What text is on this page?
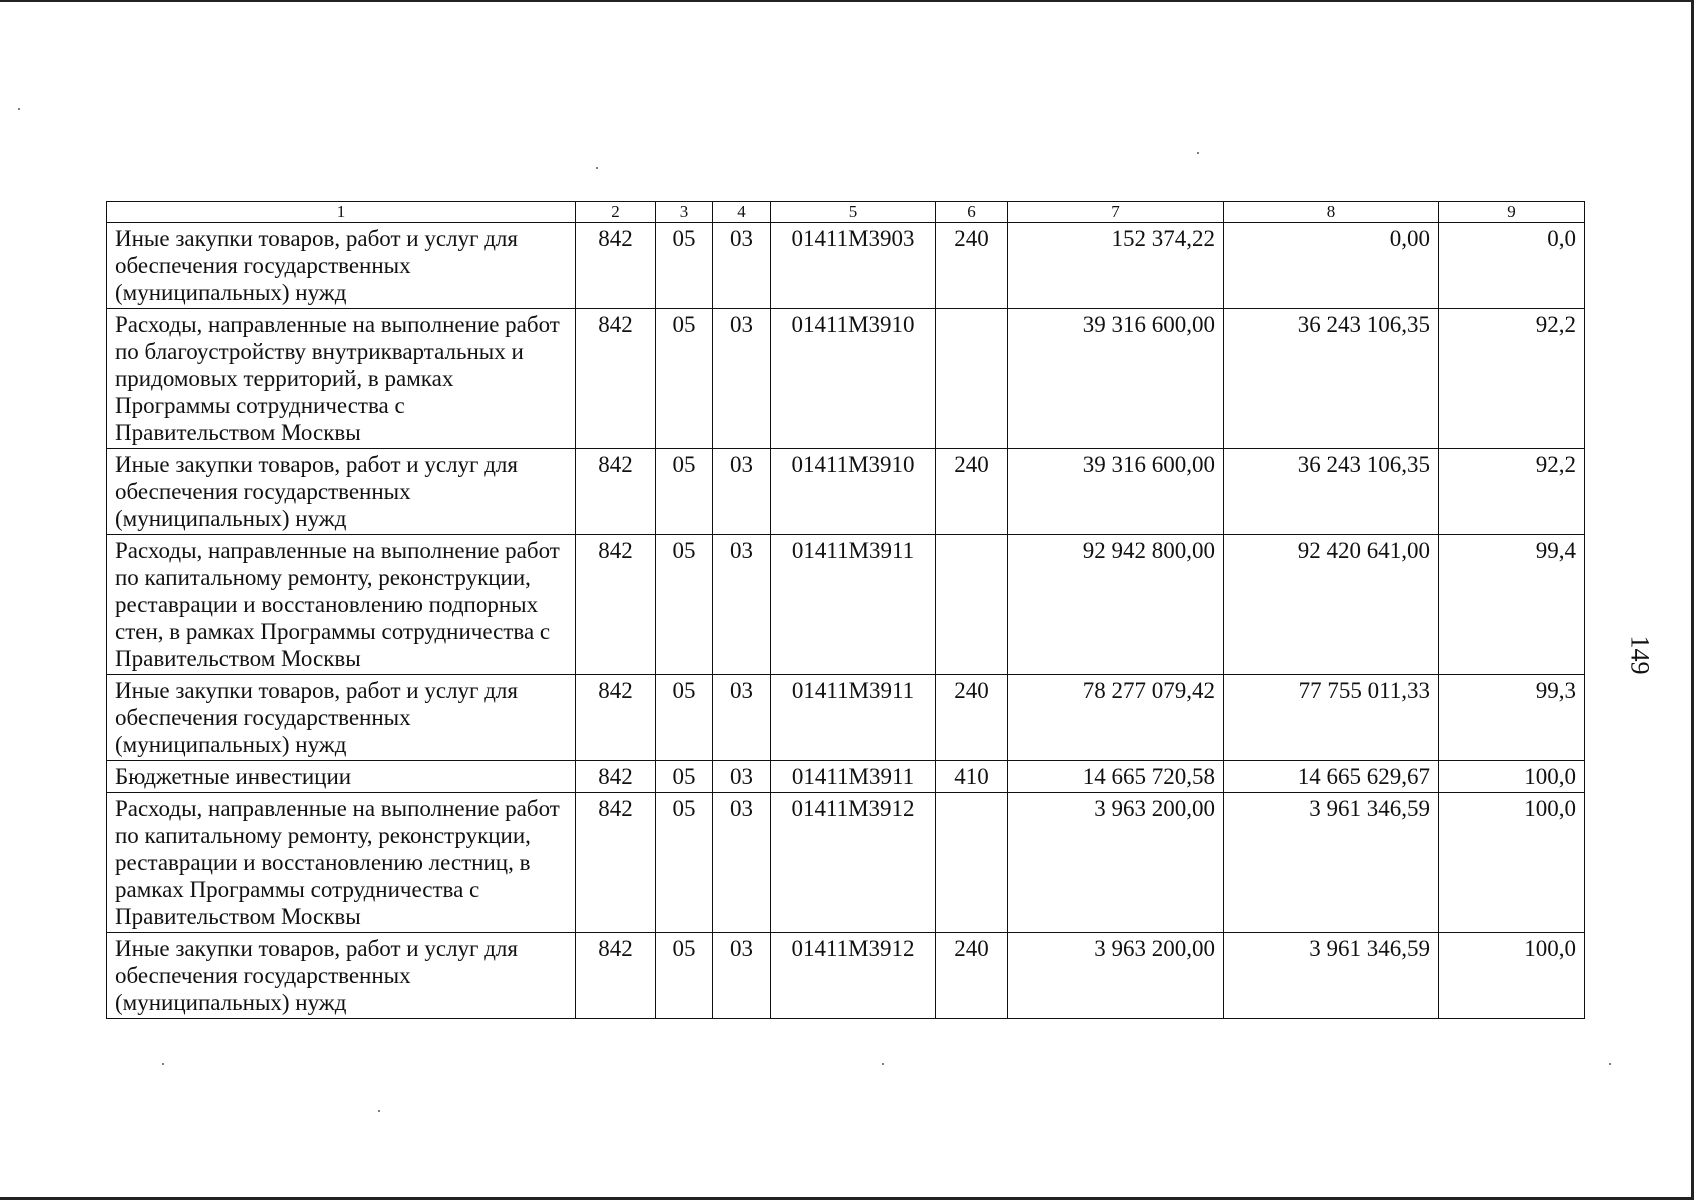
1	2	3	4	5	6	7	8	9
Иные закупки товаров, работ и услуг для обеспечения государственных (муниципальных) нужд	842	05	03	01411М3903	240	152 374,22	0,00	0,0
Расходы, направленные на выполнение работ по благоустройству внутриквартальных и придомовых территорий, в рамках Программы сотрудничества с Правительством Москвы	842	05	03	01411М3910		39 316 600,00	36 243 106,35	92,2
Иные закупки товаров, работ и услуг для обеспечения государственных (муниципальных) нужд	842	05	03	01411М3910	240	39 316 600,00	36 243 106,35	92,2
Расходы, направленные на выполнение работ по капитальному ремонту, реконструкции, реставрации и восстановлению подпорных стен, в рамках Программы сотрудничества с Правительством Москвы	842	05	03	01411М3911		92 942 800,00	92 420 641,00	99,4
Иные закупки товаров, работ и услуг для обеспечения государственных (муниципальных) нужд	842	05	03	01411М3911	240	78 277 079,42	77 755 011,33	99,3
Бюджетные инвестиции	842	05	03	01411М3911	410	14 665 720,58	14 665 629,67	100,0
Расходы, направленные на выполнение работ по капитальному ремонту, реконструкции, реставрации и восстановлению лестниц, в рамках Программы сотрудничества с Правительством Москвы	842	05	03	01411М3912		3 963 200,00	3 961 346,59	100,0
Иные закупки товаров, работ и услуг для обеспечения государственных (муниципальных) нужд	842	05	03	01411М3912	240	3 963 200,00	3 961 346,59	100,0
149
